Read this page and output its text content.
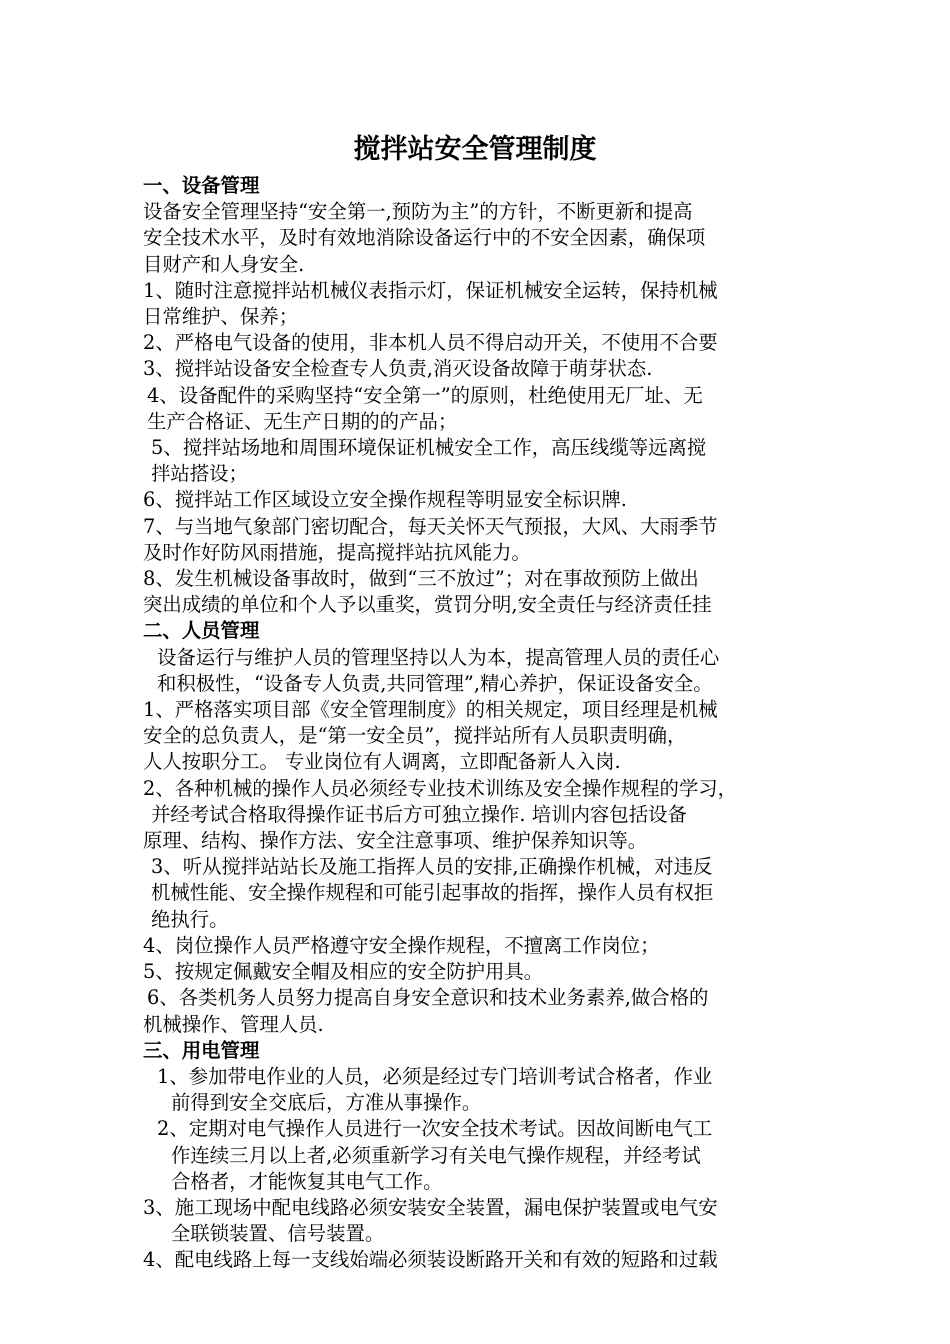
搅拌站安全管理制度

一、设备管理

设备安全管理坚持“安全第一,预防为主”的方针，不断更新和提高

安全技术水平，及时有效地消除设备运行中的不安全因素，确保项

目财产和人身安全.

1、随时注意搅拌站机械仪表指示灯，保证机械安全运转，保持机械

日常维护、保养；

2、严格电气设备的使用，非本机人员不得启动开关，不使用不合要

3、搅拌站设备安全检查专人负责,消灭设备故障于萌芽状态.

4、设备配件的采购坚持“安全第一”的原则，杜绝使用无厂址、无

生产合格证、无生产日期的的产品；

5、搅拌站场地和周围环境保证机械安全工作，高压线缆等远离搅

拌站搭设；

6、搅拌站工作区域设立安全操作规程等明显安全标识牌.

7、与当地气象部门密切配合，每天关怀天气预报，大风、大雨季节

及时作好防风雨措施，提高搅拌站抗风能力。

8、发生机械设备事故时，做到“三不放过”；对在事故预防上做出

突出成绩的单位和个人予以重奖，赏罚分明,安全责任与经济责任挂

二、人员管理

设备运行与维护人员的管理坚持以人为本，提高管理人员的责任心

和积极性，“设备专人负责,共同管理”,精心养护，保证设备安全。

1、严格落实项目部《安全管理制度》的相关规定，项目经理是机械

安全的总负责人，是“第一安全员”，搅拌站所有人员职责明确，

人人按职分工。 专业岗位有人调离，立即配备新人入岗.

2、各种机械的操作人员必须经专业技术训练及安全操作规程的学习，

并经考试合格取得操作证书后方可独立操作. 培训内容包括设备

原理、结构、操作方法、安全注意事项、维护保养知识等。

3、听从搅拌站站长及施工指挥人员的安排,正确操作机械，对违反

机械性能、安全操作规程和可能引起事故的指挥，操作人员有权拒

绝执行。

4、岗位操作人员严格遵守安全操作规程，不擅离工作岗位；

5、按规定佩戴安全帽及相应的安全防护用具。

6、各类机务人员努力提高自身安全意识和技术业务素养,做合格的

机械操作、管理人员.

三、用电管理

1、参加带电作业的人员，必须是经过专门培训考试合格者，作业

前得到安全交底后，方准从事操作。

2、定期对电气操作人员进行一次安全技术考试。因故间断电气工

作连续三月以上者,必须重新学习有关电气操作规程，并经考试

合格者，才能恢复其电气工作。

3、施工现场中配电线路必须安装安全装置，漏电保护装置或电气安

全联锁装置、信号装置。

4、配电线路上每一支线始端必须装设断路开关和有效的短路和过载
